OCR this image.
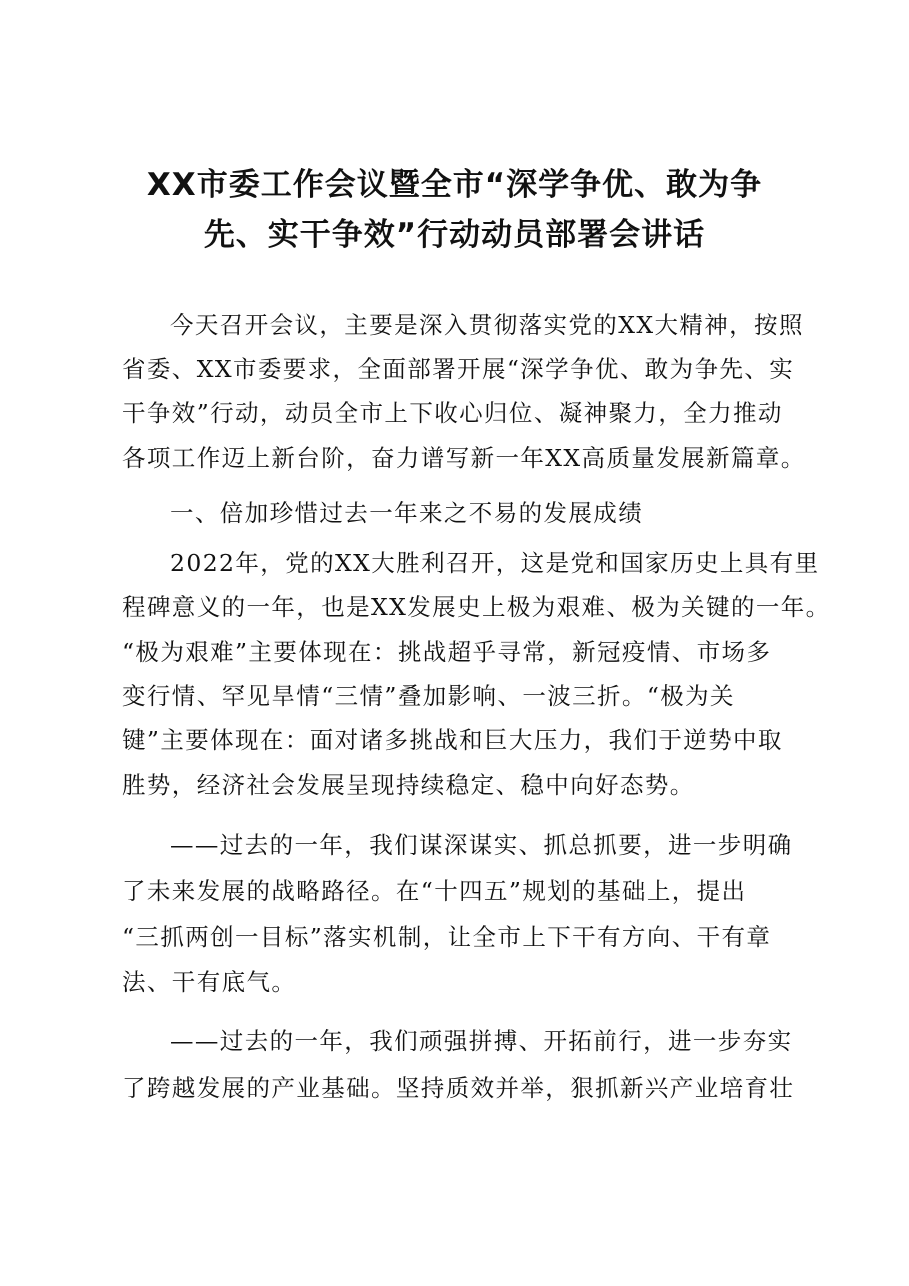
XX市委工作会议暨全市“深学争优、敢为争
先、实干争效”行动动员部署会讲话
今天召开会议，主要是深入贯彻落实党的XX大精神，按照
省委、XX市委要求，全面部署开展“深学争优、敢为争先、实
干争效”行动，动员全市上下收心归位、凝神聚力，全力推动
各项工作迈上新台阶，奋力谱写新一年XX高质量发展新篇章。
一、倍加珍惜过去一年来之不易的发展成绩
2022年，党的XX大胜利召开，这是党和国家历史上具有里
程碑意义的一年，也是XX发展史上极为艰难、极为关键的一年。
“极为艰难”主要体现在：挑战超乎寻常，新冠疫情、市场多
变行情、罕见旱情“三情”叠加影响、一波三折。“极为关
键”主要体现在：面对诸多挑战和巨大压力，我们于逆势中取
胜势，经济社会发展呈现持续稳定、稳中向好态势。
——过去的一年，我们谋深谋实、抓总抓要，进一步明确
了未来发展的战略路径。在“十四五”规划的基础上，提出
“三抓两创一目标”落实机制，让全市上下干有方向、干有章
法、干有底气。
——过去的一年，我们顽强拼搏、开拓前行，进一步夯实
了跨越发展的产业基础。坚持质效并举，狠抓新兴产业培育壮
